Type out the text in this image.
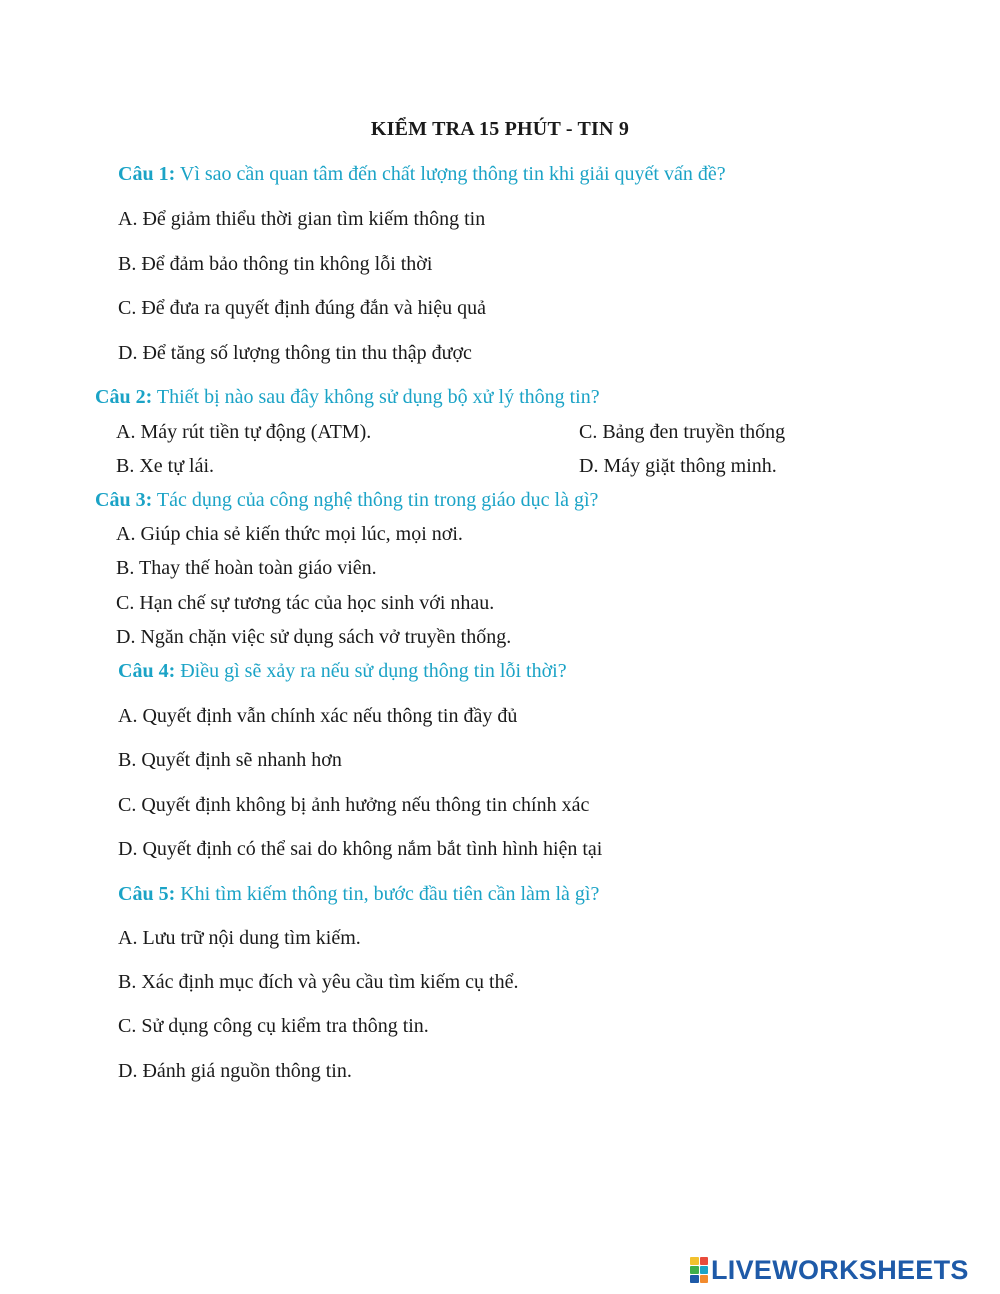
KIỂM TRA 15 PHÚT - TIN 9
Câu 1: Vì sao cần quan tâm đến chất lượng thông tin khi giải quyết vấn đề?
A. Để giảm thiểu thời gian tìm kiếm thông tin
B. Để đảm bảo thông tin không lỗi thời
C. Để đưa ra quyết định đúng đắn và hiệu quả
D. Để tăng số lượng thông tin thu thập được
Câu 2: Thiết bị nào sau đây không sử dụng bộ xử lý thông tin?
A. Máy rút tiền tự động (ATM).	C. Bảng đen truyền thống
B. Xe tự lái.	D. Máy giặt thông minh.
Câu 3: Tác dụng của công nghệ thông tin trong giáo dục là gì?
A. Giúp chia sẻ kiến thức mọi lúc, mọi nơi.
B. Thay thế hoàn toàn giáo viên.
C. Hạn chế sự tương tác của học sinh với nhau.
D. Ngăn chặn việc sử dụng sách vở truyền thống.
Câu 4: Điều gì sẽ xảy ra nếu sử dụng thông tin lỗi thời?
A. Quyết định vẫn chính xác nếu thông tin đầy đủ
B. Quyết định sẽ nhanh hơn
C. Quyết định không bị ảnh hưởng nếu thông tin chính xác
D. Quyết định có thể sai do không nắm bắt tình hình hiện tại
Câu 5: Khi tìm kiếm thông tin, bước đầu tiên cần làm là gì?
A. Lưu trữ nội dung tìm kiếm.
B. Xác định mục đích và yêu cầu tìm kiếm cụ thể.
C. Sử dụng công cụ kiểm tra thông tin.
D. Đánh giá nguồn thông tin.
LIVEWORKSHEETS
